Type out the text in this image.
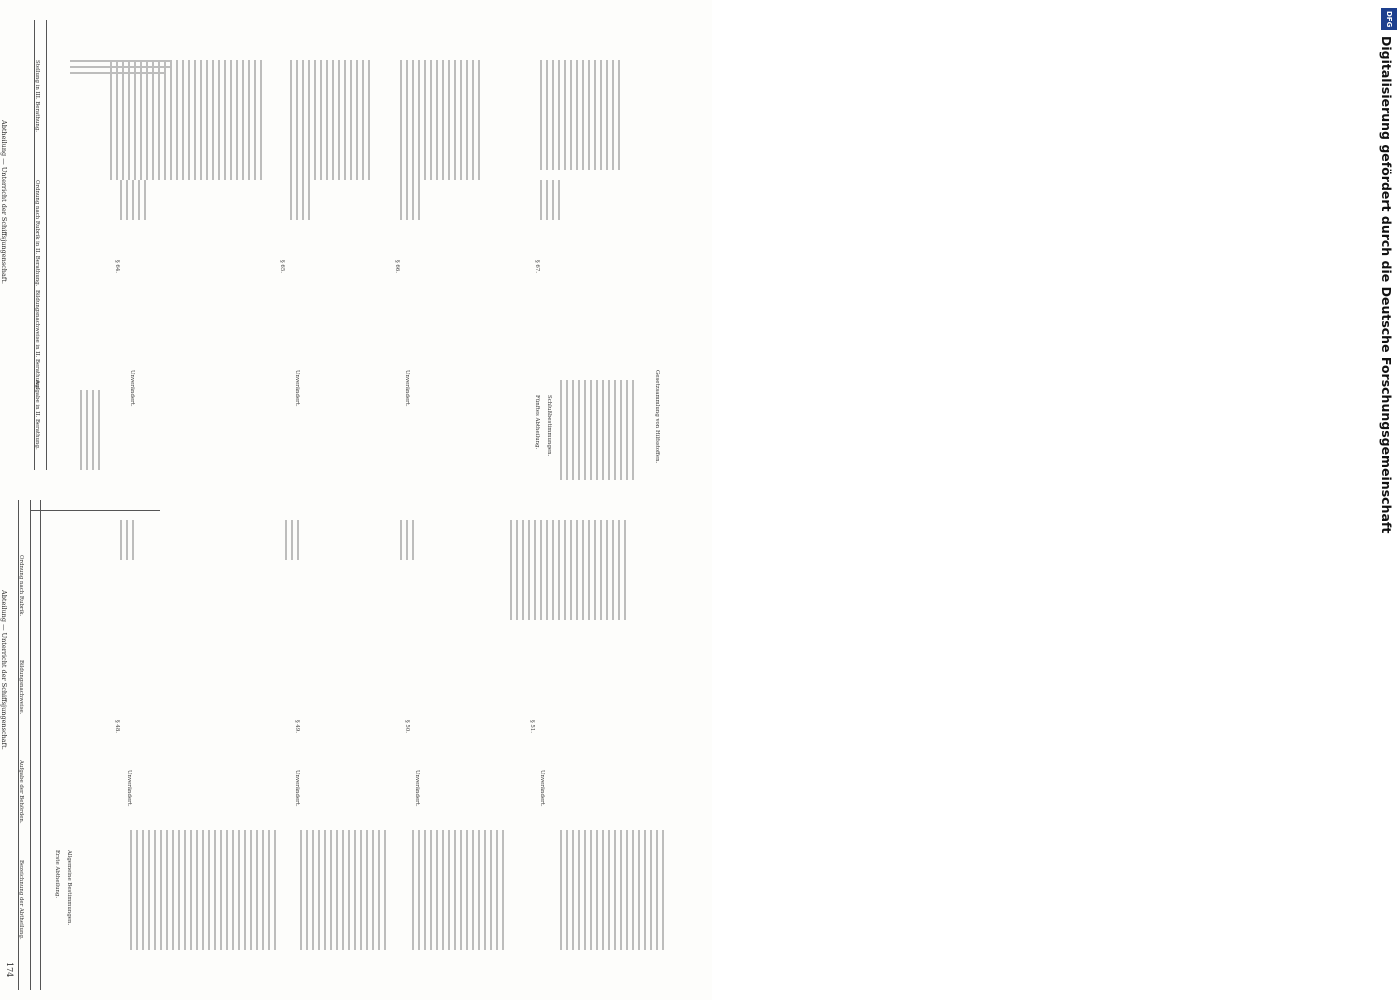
174
Abteilung — Unterricht der Schiffsjungenschaft.
Bezeichnung der Abtheilung.
Aufgabe der Behörden.
Bildungsnachweise.
Ordnung nach Rubrik.
Erste Abtheilung. Allgemeine Bestimmungen.
§ 48.	§ 49.	§ 50.	§ 51.
Unverändert.	Unverändert.	Unverändert.	Unverändert.
Abtheilung — Unterricht der Schiffsjungenschaft.
Aufgabe in II. Berathung.
Bildungsnachweise in II. Berathung.
Ordnung nach Rubrik in II. Berathung.
Stellung in III. Berathung.
Fünftes Abtheilung. Schlußbestimmungen.
§ 64.	§ 65.	§ 66.	§ 67.
Unverändert.	Unverändert.	Unverändert.	Gesetzsammlung von Hilfsstoffen.
DFG
Digitalisierung gefördert durch die Deutsche Forschungsgemeinschaft
